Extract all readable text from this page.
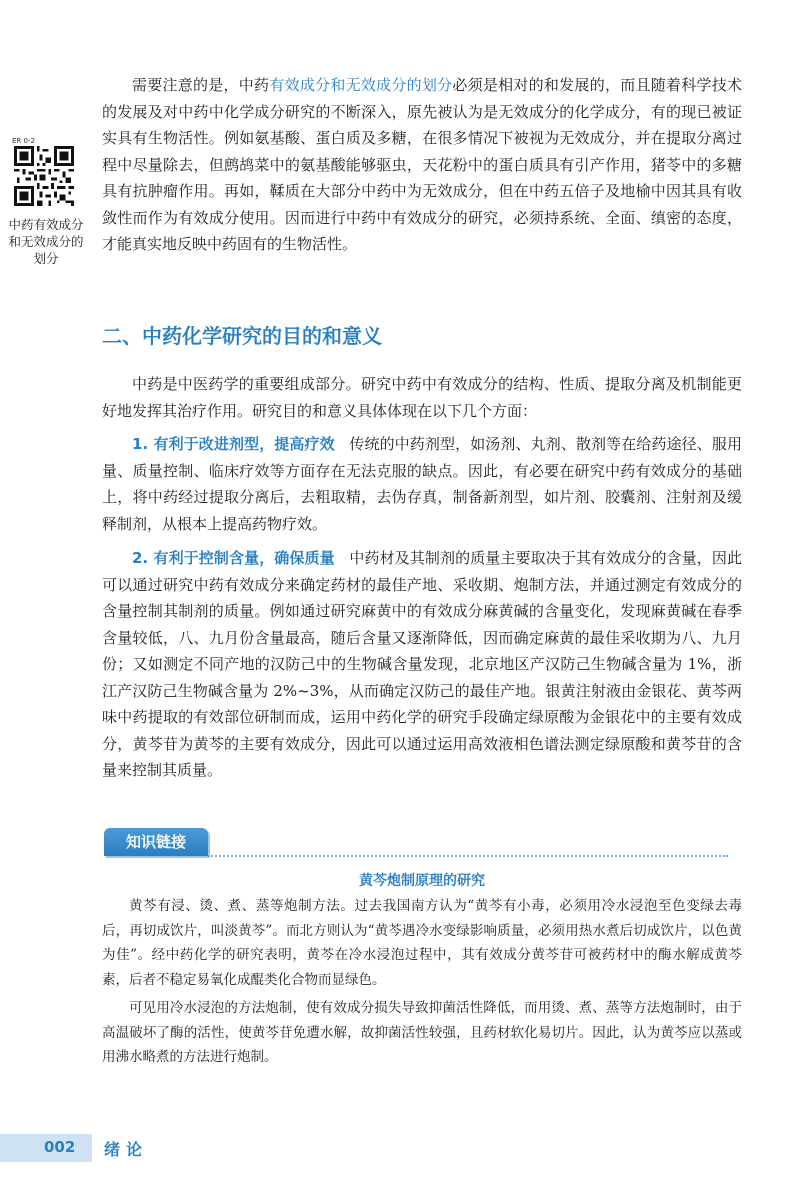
需要注意的是，中药有效成分和无效成分的划分必须是相对的和发展的，而且随着科学技术的发展及对中药中化学成分研究的不断深入，原先被认为是无效成分的化学成分，有的现已被证实具有生物活性。例如氨基酸、蛋白质及多糖，在很多情况下被视为无效成分，并在提取分离过程中尽量除去，但鹧鸪菜中的氨基酸能够驱虫，天花粉中的蛋白质具有引产作用，猪苓中的多糖具有抗肿瘤作用。再如，鞣质在大部分中药中为无效成分，但在中药五倍子及地榆中因其具有收敛性而作为有效成分使用。因而进行中药中有效成分的研究，必须持系统、全面、缜密的态度，才能真实地反映中药固有的生物活性。

ER 0-2
中药有效成分和无效成分的划分
二、中药化学研究的目的和意义

中药是中医药学的重要组成部分。研究中药中有效成分的结构、性质、提取分离及机制能更好地发挥其治疗作用。研究目的和意义具体体现在以下几个方面：

1. 有利于改进剂型，提高疗效 传统的中药剂型，如汤剂、丸剂、散剂等在给药途径、服用量、质量控制、临床疗效等方面存在无法克服的缺点。因此，有必要在研究中药有效成分的基础上，将中药经过提取分离后，去粗取精，去伪存真，制备新剂型，如片剂、胶囊剂、注射剂及缓释制剂，从根本上提高药物疗效。

2. 有利于控制含量，确保质量 中药材及其制剂的质量主要取决于其有效成分的含量，因此可以通过研究中药有效成分来确定药材的最佳产地、采收期、炮制方法，并通过测定有效成分的含量控制其制剂的质量。例如通过研究麻黄中的有效成分麻黄碱的含量变化，发现麻黄碱在春季含量较低，八、九月份含量最高，随后含量又逐渐降低，因而确定麻黄的最佳采收期为八、九月份；又如测定不同产地的汉防己中的生物碱含量发现，北京地区产汉防己生物碱含量为 1%，浙江产汉防己生物碱含量为 2%~3%，从而确定汉防己的最佳产地。银黄注射液由金银花、黄芩两味中药提取的有效部位研制而成，运用中药化学的研究手段确定绿原酸为金银花中的主要有效成分，黄芩苷为黄芩的主要有效成分，因此可以通过运用高效液相色谱法测定绿原酸和黄芩苷的含量来控制其质量。

知识链接
黄芩炮制原理的研究

黄芩有浸、烫、煮、蒸等炮制方法。过去我国南方认为“黄芩有小毒，必须用冷水浸泡至色变绿去毒后，再切成饮片，叫淡黄芩”。而北方则认为“黄芩遇冷水变绿影响质量，必须用热水煮后切成饮片，以色黄为佳”。经中药化学的研究表明，黄芩在冷水浸泡过程中，其有效成分黄芩苷可被药材中的酶水解成黄芩素，后者不稳定易氧化成醌类化合物而显绿色。

可见用冷水浸泡的方法炮制，使有效成分损失导致抑菌活性降低，而用烫、煮、蒸等方法炮制时，由于高温破坏了酶的活性，使黄芩苷免遭水解，故抑菌活性较强，且药材软化易切片。因此，认为黄芩应以蒸或用沸水略煮的方法进行炮制。

002 绪论
